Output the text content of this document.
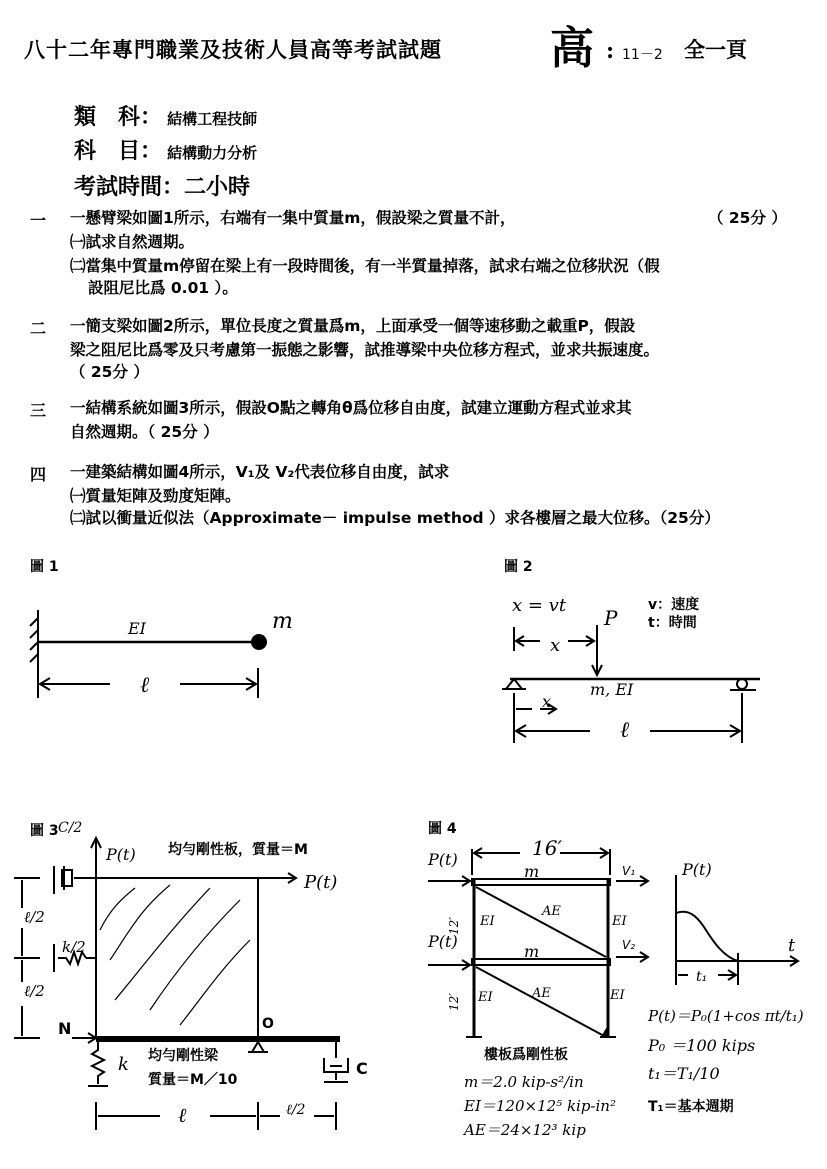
八十二年專門職業及技術人員高等考試試題 高 : 11－2 全一頁
類　科： 結構工程技師
科　目： 結構動力分析
考試時間：二小時
一 一懸臂梁如圖1所示，右端有一集中質量m，假設梁之質量不計，	（ 25分 ）
㈠試求自然週期。
㈡當集中質量m停留在梁上有一段時間後，有一半質量掉落，試求右端之位移狀況（假
設阻尼比爲 0.01 ）。
二 一簡支梁如圖2所示，單位長度之質量爲m，上面承受一個等速移動之載重P，假設
梁之阻尼比爲零及只考慮第一振態之影響，試推導梁中央位移方程式，並求共振速度。
（ 25分 ）
三 一結構系統如圖3所示，假設O點之轉角θ爲位移自由度，試建立運動方程式並求其
自然週期。（ 25分 ）
四 一建築結構如圖4所示，V₁及 V₂代表位移自由度，試求
㈠質量矩陣及勁度矩陣。
㈡試以衝量近似法（Approximate－ impulse method ）求各樓層之最大位移。（25分）
圖 1
EI	m
ℓ
圖 2
x = vt
P
v：速度
t：時間
x
m, EI
x
ℓ
圖 3 C/2
P(t) 均勻剛性板，質量＝M
P(t)
ℓ/2
k/2
ℓ/2
N	O
k 均勻剛性梁
質量＝M／10
C
ℓ	ℓ/2
圖 4
P(t)
P(t)
16′
V₁
V₂
m
m
EI	EI
EI	EI
AE
AE
12′
12′
樓板爲剛性板
m＝2.0 kip-s²/in
EI＝120×12⁵ kip-in²
AE＝24×12³ kip
P(t)
t
t₁
P(t)＝P₀(1+cos πt/t₁)
P₀ ＝100 kips
t₁＝T₁/10
T₁＝基本週期
